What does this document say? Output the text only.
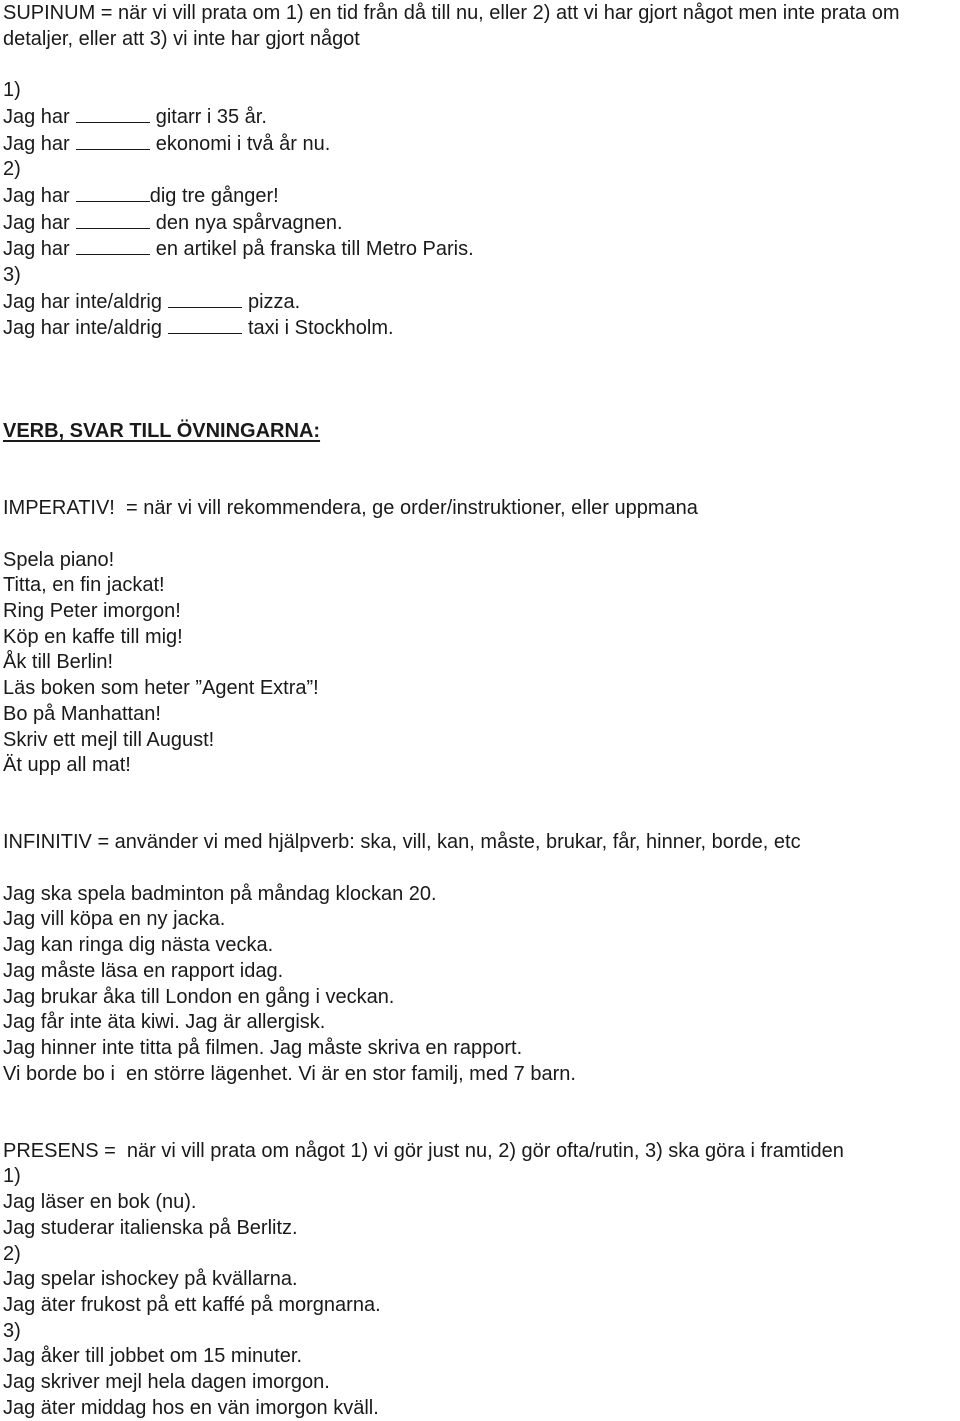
SUPINUM = när vi vill prata om 1) en tid från då till nu, eller 2) att vi har gjort något men inte prata om detaljer, eller att 3) vi inte har gjort något

1)

Jag har	gitarr i 35 år.

Jag har	ekonomi i två år nu.

2)

Jag har	dig tre gånger!

Jag har	den nya spårvagnen.

Jag har	en artikel på franska till Metro Paris.

3)

Jag har inte/aldrig	pizza.

Jag har inte/aldrig	taxi i Stockholm.

VERB, SVAR TILL ÖVNINGARNA:

IMPERATIV!  = när vi vill rekommendera, ge order/instruktioner, eller uppmana

Spela piano!

Titta, en fin jackat!

Ring Peter imorgon!

Köp en kaffe till mig!

Åk till Berlin!

Läs boken som heter ”Agent Extra”!

Bo på Manhattan!

Skriv ett mejl till August!

Ät upp all mat!

INFINITIV = använder vi med hjälpverb: ska, vill, kan, måste, brukar, får, hinner, borde, etc

Jag ska spela badminton på måndag klockan 20.

Jag vill köpa en ny jacka.

Jag kan ringa dig nästa vecka.

Jag måste läsa en rapport idag.

Jag brukar åka till London en gång i veckan.

Jag får inte äta kiwi. Jag är allergisk.

Jag hinner inte titta på filmen. Jag måste skriva en rapport.

Vi borde bo i  en större lägenhet. Vi är en stor familj, med 7 barn.

PRESENS =  när vi vill prata om något 1) vi gör just nu, 2) gör ofta/rutin, 3) ska göra i framtiden

1)

Jag läser en bok (nu).

Jag studerar italienska på Berlitz.

2)

Jag spelar ishockey på kvällarna.

Jag äter frukost på ett kaffé på morgnarna.

3)

Jag åker till jobbet om 15 minuter.

Jag skriver mejl hela dagen imorgon.

Jag äter middag hos en vän imorgon kväll.
